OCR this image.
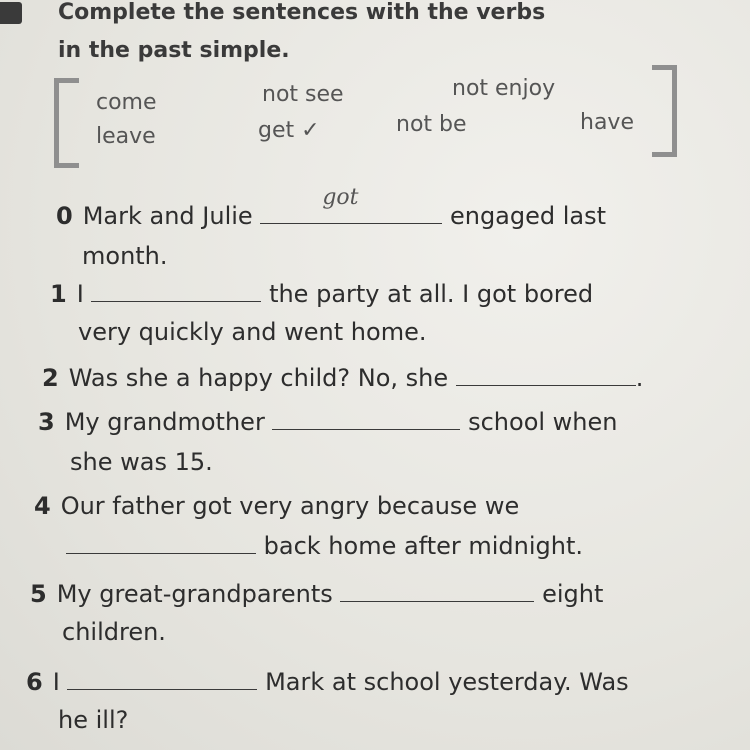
Complete the sentences with the verbs
in the past simple.
come	not see	not enjoy
leave	get ✓	not be	have
0 Mark and Julie
got
engaged last
month.
1 I	the party at all. I got bored
very quickly and went home.
2 Was she a happy child? No, she	.
3 My grandmother	school when
she was 15.
4 Our father got very angry because we
back home after midnight.
5 My great-grandparents	eight
children.
6 I	Mark at school yesterday. Was
he ill?
